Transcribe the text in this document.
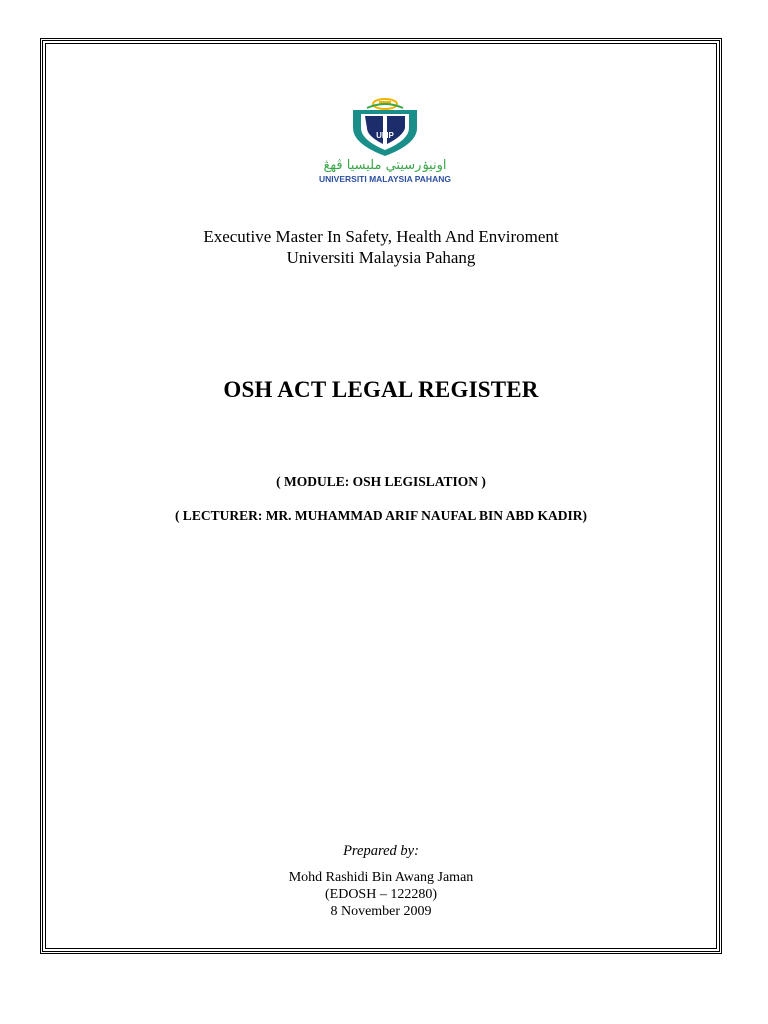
UMP
اونيۏرسيتي مليسيا ڤهڠ
UNIVERSITI MALAYSIA PAHANG
Executive Master In Safety, Health And Enviroment
Universiti Malaysia Pahang
OSH ACT LEGAL REGISTER
( MODULE: OSH LEGISLATION )
( LECTURER: MR. MUHAMMAD ARIF NAUFAL BIN ABD KADIR)
Prepared by:
Mohd Rashidi Bin Awang Jaman
(EDOSH – 122280)
8 November 2009
